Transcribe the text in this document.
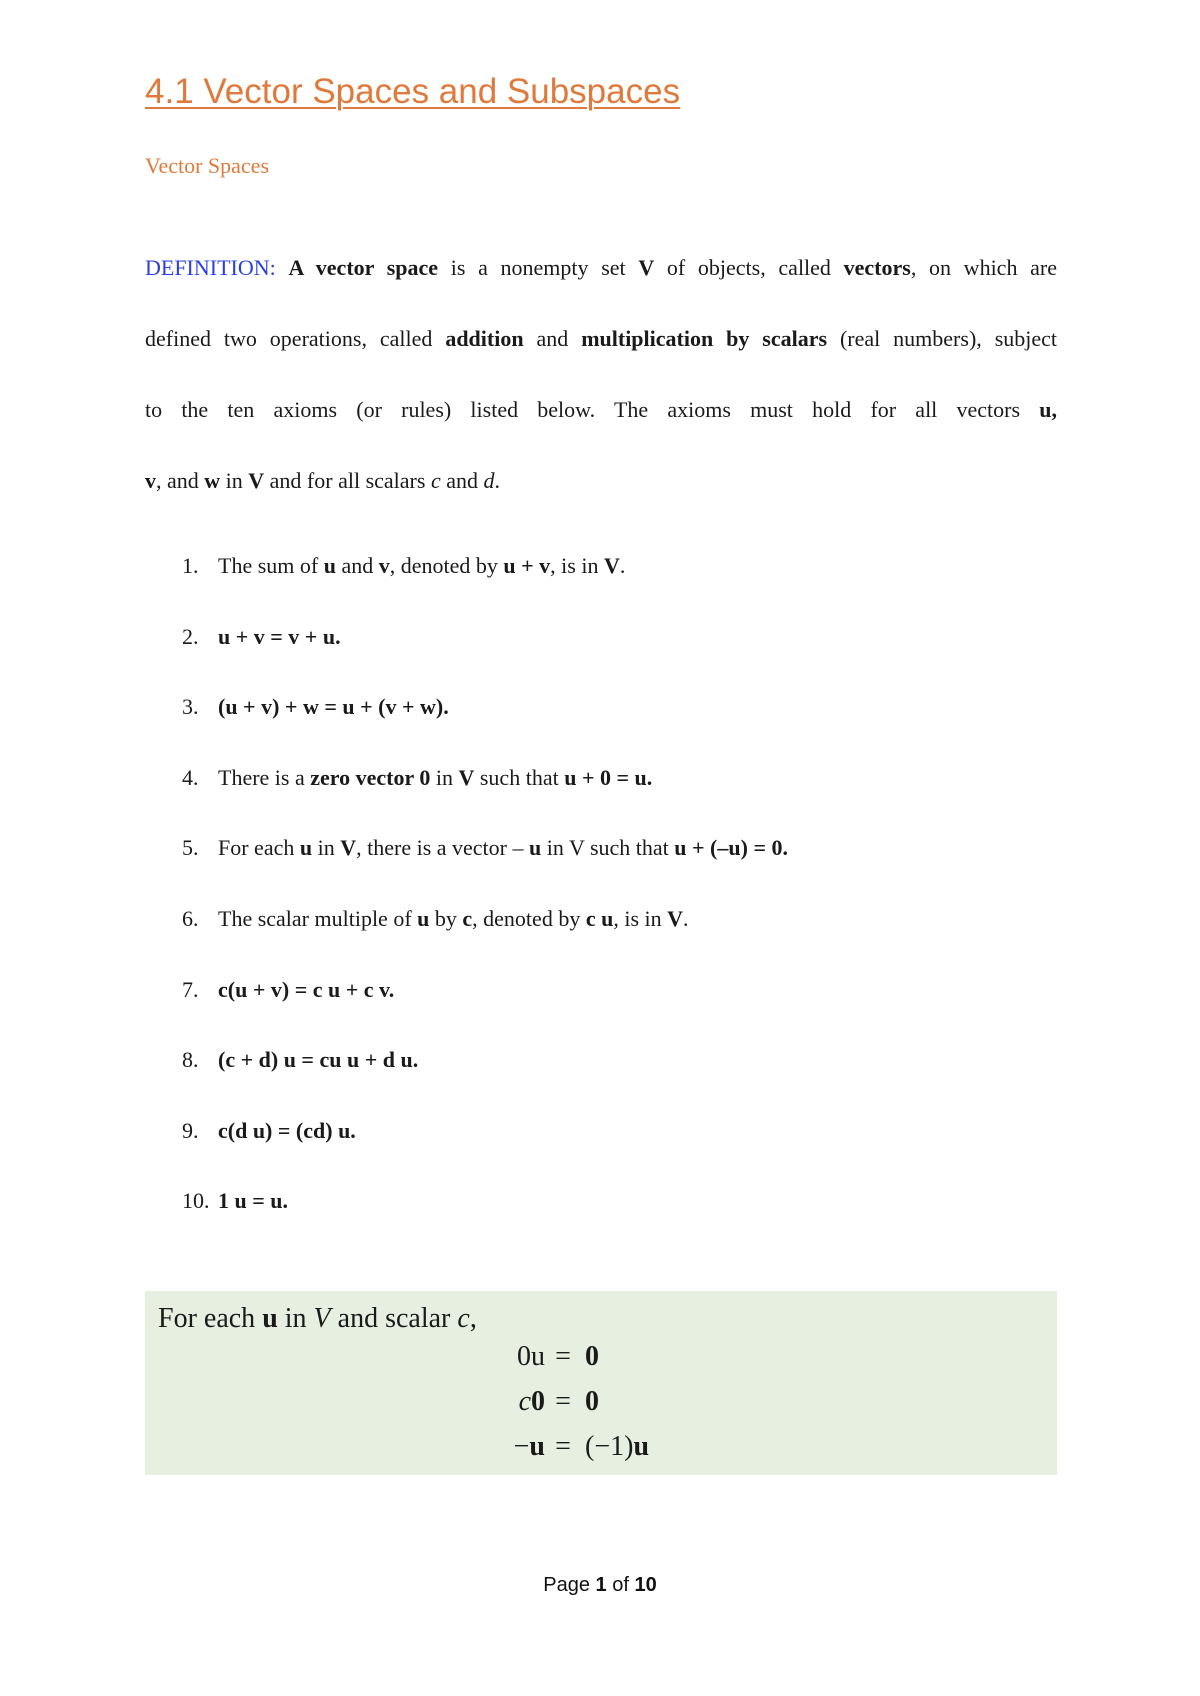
4.1 Vector Spaces and Subspaces
Vector Spaces
DEFINITION: A vector space is a nonempty set V of objects, called vectors, on which are
defined two operations, called addition and multiplication by scalars (real numbers), subject
to the ten axioms (or rules) listed below. The axioms must hold for all vectors u,
v, and w in V and for all scalars c and d.
1. The sum of u and v, denoted by u + v, is in V.
2. u + v = v + u.
3. (u + v) + w = u + (v + w).
4. There is a zero vector 0 in V such that u + 0 = u.
5. For each u in V, there is a vector – u in V such that u + (–u) = 0.
6. The scalar multiple of u by c, denoted by c u, is in V.
7. c(u + v) = c u + c v.
8. (c + d) u = cu u + d u.
9. c(d u) = (cd) u.
10. 1 u = u.
For each u in V and scalar c,
0u = 0
c0 = 0
−u = (−1)u
Page 1 of 10
